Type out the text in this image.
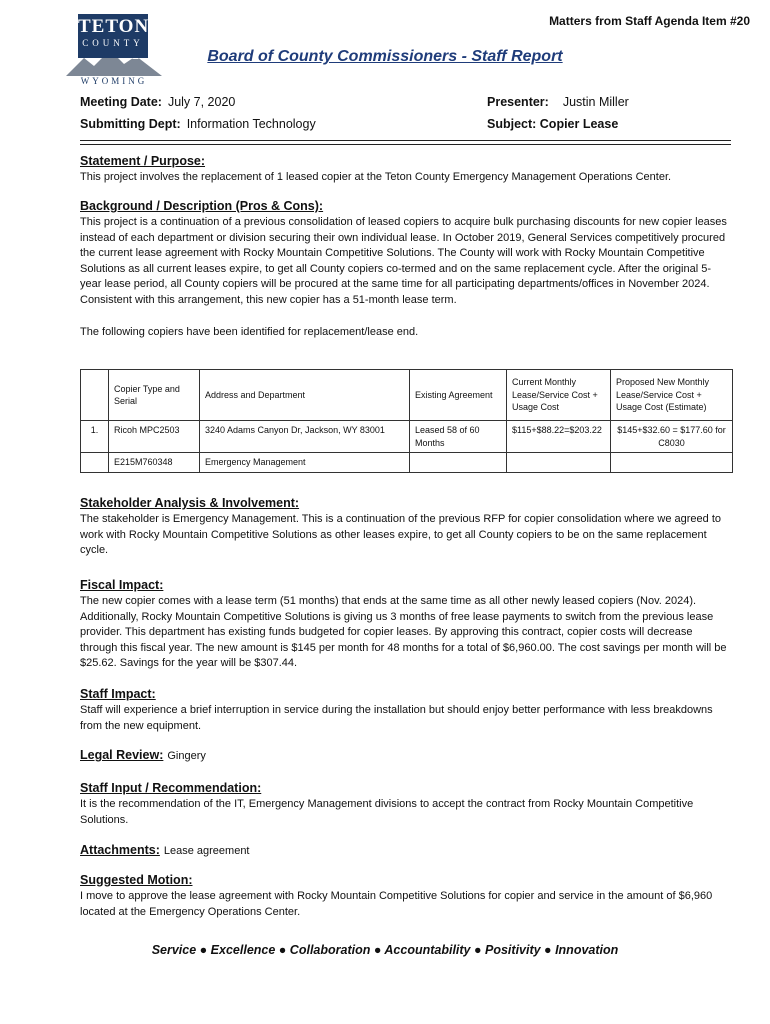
Matters from Staff Agenda Item #20
TETON
COUNTY
WYOMING
Board of County Commissioners - Staff Report
Meeting Date: July 7, 2020
Submitting Dept: Information Technology
Presenter: Justin Miller
Subject: Copier Lease
Statement / Purpose:

This project involves the replacement of 1 leased copier at the Teton County Emergency Management Operations Center.

Background / Description (Pros & Cons):

This project is a continuation of a previous consolidation of leased copiers to acquire bulk purchasing discounts for new copier leases instead of each department or division securing their own individual lease. In October 2019, General Services competitively procured the current lease agreement with Rocky Mountain Competitive Solutions. The County will work with Rocky Mountain Competitive Solutions as all current leases expire, to get all County copiers co-termed and on the same replacement cycle. After the original 5-year lease period, all County copiers will be procured at the same time for all participating departments/offices in November 2024. Consistent with this arrangement, this new copier has a 51-month lease term.

The following copiers have been identified for replacement/lease end.

	Copier Type and Serial	Address and Department	Existing Agreement	Current Monthly Lease/Service Cost + Usage Cost	Proposed New Monthly Lease/Service Cost + Usage Cost (Estimate)
1.	Ricoh MPC2503	3240 Adams Canyon Dr, Jackson, WY 83001	Leased 58 of 60 Months	$115+$88.22=$203.22	$145+$32.60 = $177.60 for C8030
	E215M760348	Emergency Management			
Stakeholder Analysis & Involvement:

The stakeholder is Emergency Management. This is a continuation of the previous RFP for copier consolidation where we agreed to work with Rocky Mountain Competitive Solutions as other leases expire, to get all County copiers to be on the same replacement cycle.

Fiscal Impact:

The new copier comes with a lease term (51 months) that ends at the same time as all other newly leased copiers (Nov. 2024). Additionally, Rocky Mountain Competitive Solutions is giving us 3 months of free lease payments to switch from the previous lease provider. This department has existing funds budgeted for copier leases. By approving this contract, copier costs will decrease through this fiscal year. The new amount is $145 per month for 48 months for a total of $6,960.00. The cost savings per month will be $25.62. Savings for the year will be $307.44.

Staff Impact:

Staff will experience a brief interruption in service during the installation but should enjoy better performance with less breakdowns from the new equipment.

Legal Review: Gingery
Staff Input / Recommendation:

It is the recommendation of the IT, Emergency Management divisions to accept the contract from Rocky Mountain Competitive Solutions.

Attachments: Lease agreement
Suggested Motion:

I move to approve the lease agreement with Rocky Mountain Competitive Solutions for copier and service in the amount of $6,960 located at the Emergency Operations Center.

Service ● Excellence ● Collaboration ● Accountability ● Positivity ● Innovation
